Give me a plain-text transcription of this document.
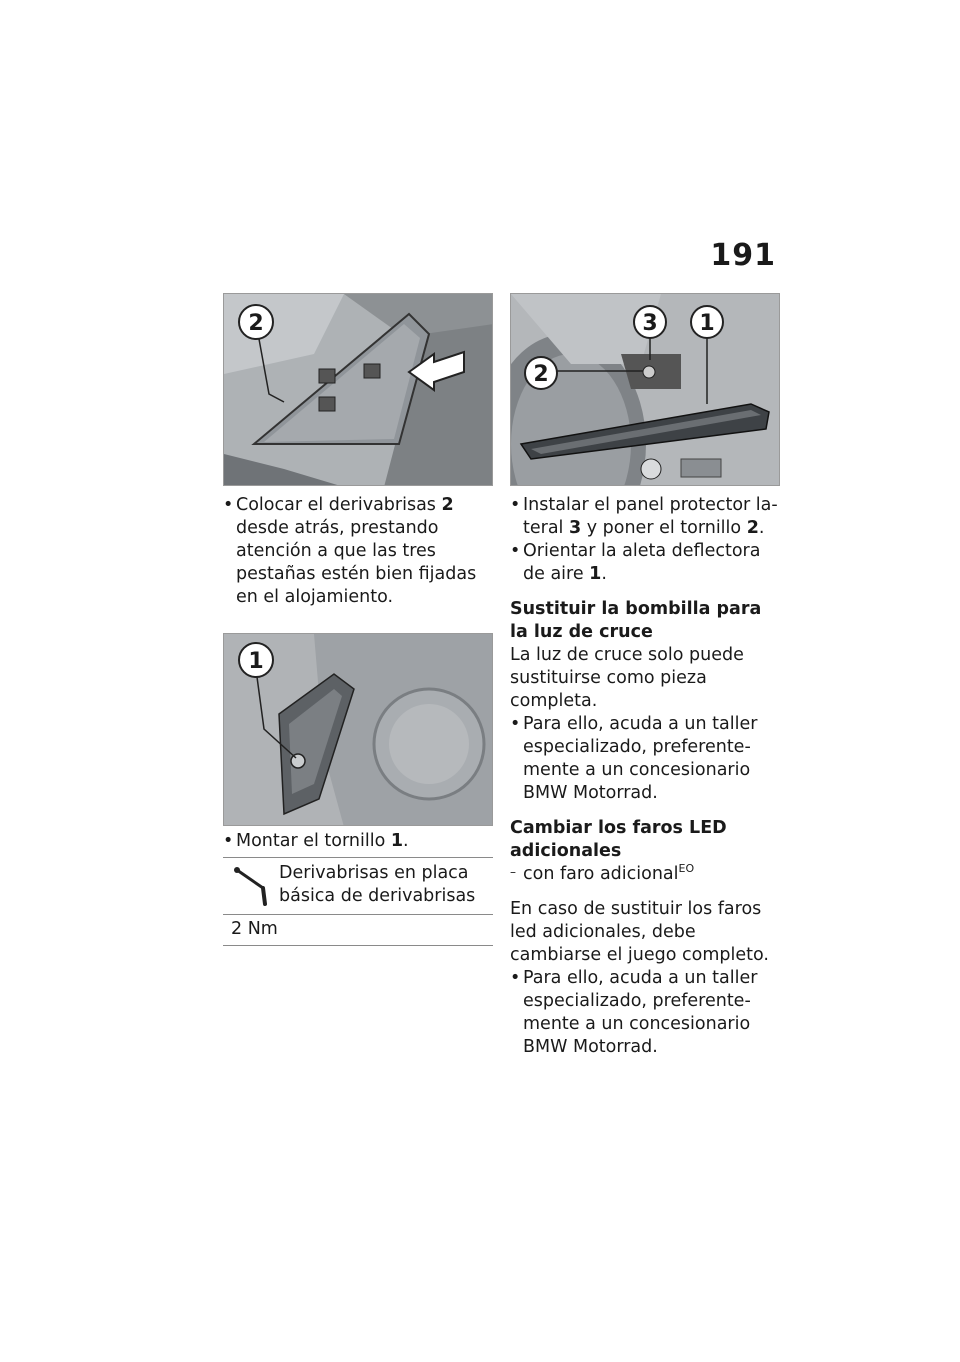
191
2
• Colocar el derivabrisas 2 desde atrás, prestando atención a que las tres pestañas estén bien fijadas en el alojamiento.
1
• Montar el tornillo 1.
Derivabrisas en placa básica de derivabrisas

2 Nm
3 1
2
• Instalar el panel protector lateral 3 y poner el tornillo 2.
• Orientar la aleta deflectora de aire 1.
Sustituir la bombilla para la luz de cruce
La luz de cruce solo puede sustituirse como pieza completa.
• Para ello, acuda a un taller especializado, preferentemente a un concesionario BMW Motorrad.
Cambiar los faros LED adicionales
– con faro adicional$^{EO}$
En caso de sustituir los faros led adicionales, debe cambiarse el juego completo.
• Para ello, acuda a un taller especializado, preferentemente a un concesionario BMW Motorrad.
